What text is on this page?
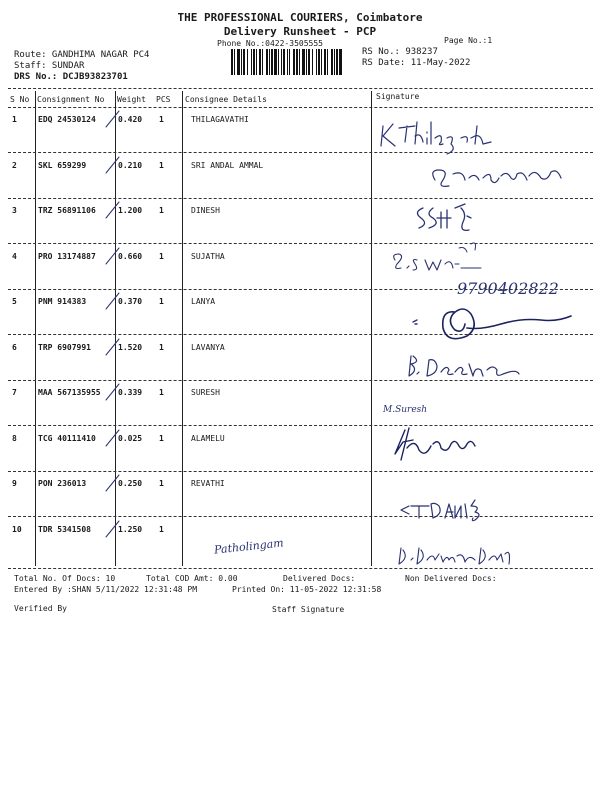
THE PROFESSIONAL COURIERS, Coimbatore
Delivery Runsheet - PCP
Phone No.:0422-3505555	Page No.:1
Route: GANDHIMA NAGAR PC4
Staff: SUNDAR
DRS No.: DCJB93823701
RS No.: 938237
RS Date: 11-May-2022
S No Consignment No Weight PCS Consignee Details	Signature
1	EDQ 24530124	0.420 1	THILAGAVATHI
2	SKL 659299	0.210 1	SRI ANDAL AMMAL
3	TRZ 56891106	1.200 1	DINESH
4	PRO 13174887	0.660 1	SUJATHA
5	PNM 914383	0.370 1	LANYA
6	TRP 6907991	1.520 1	LAVANYA
7	MAA 567135955 0.339 1	SURESH
8	TCG 40111410	0.025 1	ALAMELU
9	PON 236013	0.250 1	REVATHI
10 TDR 5341508	1.250 1
9790402822
M.Suresh
Patholingam
Total No. Of Docs: 10	Total COD Amt: 0.00	Delivered Docs:	Non Delivered Docs:
Entered By :SHAN 5/11/2022 12:31:48 PM	Printed On: 11-05-2022 12:31:58
Verified By	Staff Signature
